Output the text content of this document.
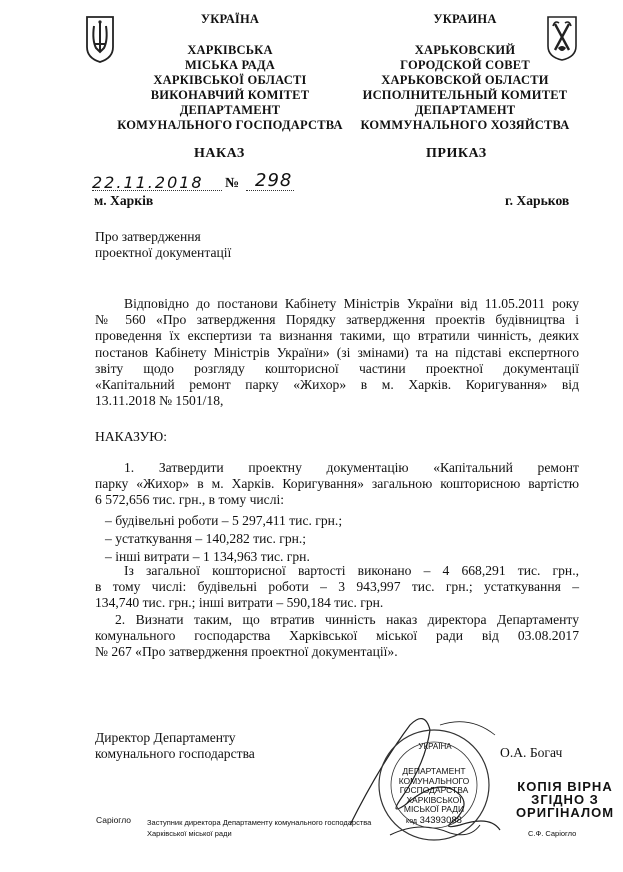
УКРАЇНА
ХАРКІВСЬКА
МІСЬКА РАДА
ХАРКІВСЬКОЇ ОБЛАСТІ
ВИКОНАВЧИЙ КОМІТЕТ
ДЕПАРТАМЕНТ
КОМУНАЛЬНОГО ГОСПОДАРСТВА
УКРАИНА
ХАРЬКОВСКИЙ
ГОРОДСКОЙ СОВЕТ
ХАРЬКОВСКОЙ ОБЛАСТИ
ИСПОЛНИТЕЛЬНЫЙ КОМИТЕТ
ДЕПАРТАМЕНТ
КОММУНАЛЬНОГО ХОЗЯЙСТВА
НАКАЗ	ПРИКАЗ
22.11.2018 № 298
м. Харків	г. Харьков
Про затвердження
проектної документації
Відповідно до постанови Кабінету Міністрів України від 11.05.2011 року
№ 560 «Про затвердження Порядку затвердження проектів будівництва і
проведення їх експертизи та визнання такими, що втратили чинність, деяких
постанов Кабінету Міністрів України» (зі змінами) та на підставі експертного
звіту щодо розгляду кошторисної частини проектної документації
«Капітальний ремонт парку «Жихор» в м. Харків. Коригування» від
13.11.2018 № 1501/18,
НАКАЗУЮ:
1. Затвердити проектну документацію «Капітальний ремонт
парку «Жихор» в м. Харків. Коригування» загальною кошторисною вартістю
6 572,656 тис. грн., в тому числі:
– будівельні роботи – 5 297,411 тис. грн.;
– устаткування – 140,282 тис. грн.;
– інші витрати – 1 134,963 тис. грн.
Із загальної кошторисної вартості виконано – 4 668,291 тис. грн.,
в тому числі: будівельні роботи – 3 943,997 тис. грн.; устаткування –
134,740 тис. грн.; інші витрати – 590,184 тис. грн.
2. Визнати таким, що втратив чинність наказ директора Департаменту
комунального господарства Харківської міської ради від 03.08.2017
№ 267 «Про затвердження проектної документації».
Директор Департаменту
комунального господарства	О.А. Богач
УКРАЇНА
ДЕПАРТАМЕНТ
КОМУНАЛЬНОГО
ГОСПОДАРСТВА
ХАРКІВСЬКОЇ
МІСЬКОЇ РАДИ
код 34393088
КОПІЯ ВІРНА
ЗГІДНО З
ОРИГІНАЛОМ
Саріогло Заступник директора Департаменту комунального господарства
Харківської міської ради	С.Ф. Саріогло
